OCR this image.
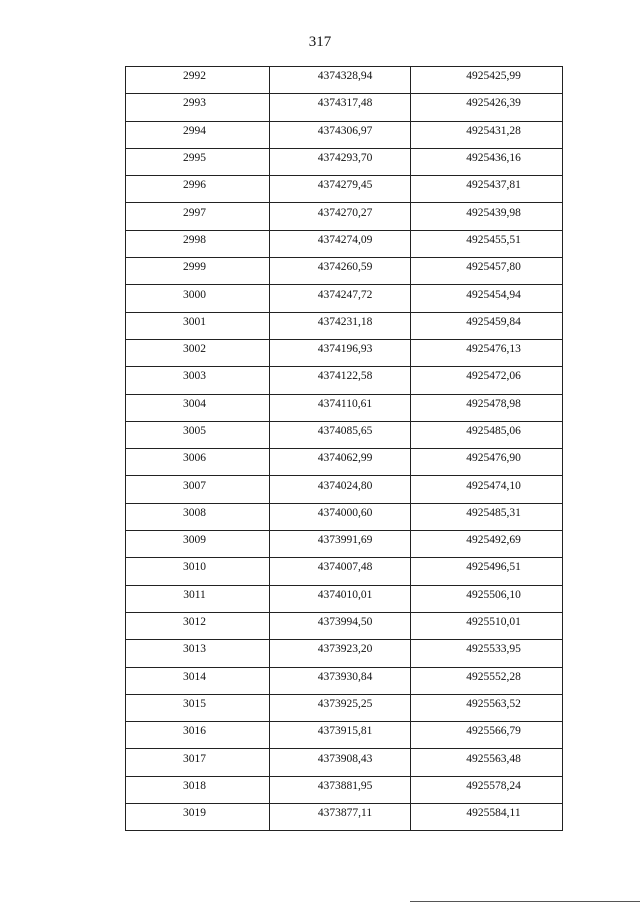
317
2992	4374328,94	4925425,99
2993	4374317,48	4925426,39
2994	4374306,97	4925431,28
2995	4374293,70	4925436,16
2996	4374279,45	4925437,81
2997	4374270,27	4925439,98
2998	4374274,09	4925455,51
2999	4374260,59	4925457,80
3000	4374247,72	4925454,94
3001	4374231,18	4925459,84
3002	4374196,93	4925476,13
3003	4374122,58	4925472,06
3004	4374110,61	4925478,98
3005	4374085,65	4925485,06
3006	4374062,99	4925476,90
3007	4374024,80	4925474,10
3008	4374000,60	4925485,31
3009	4373991,69	4925492,69
3010	4374007,48	4925496,51
3011	4374010,01	4925506,10
3012	4373994,50	4925510,01
3013	4373923,20	4925533,95
3014	4373930,84	4925552,28
3015	4373925,25	4925563,52
3016	4373915,81	4925566,79
3017	4373908,43	4925563,48
3018	4373881,95	4925578,24
3019	4373877,11	4925584,11
